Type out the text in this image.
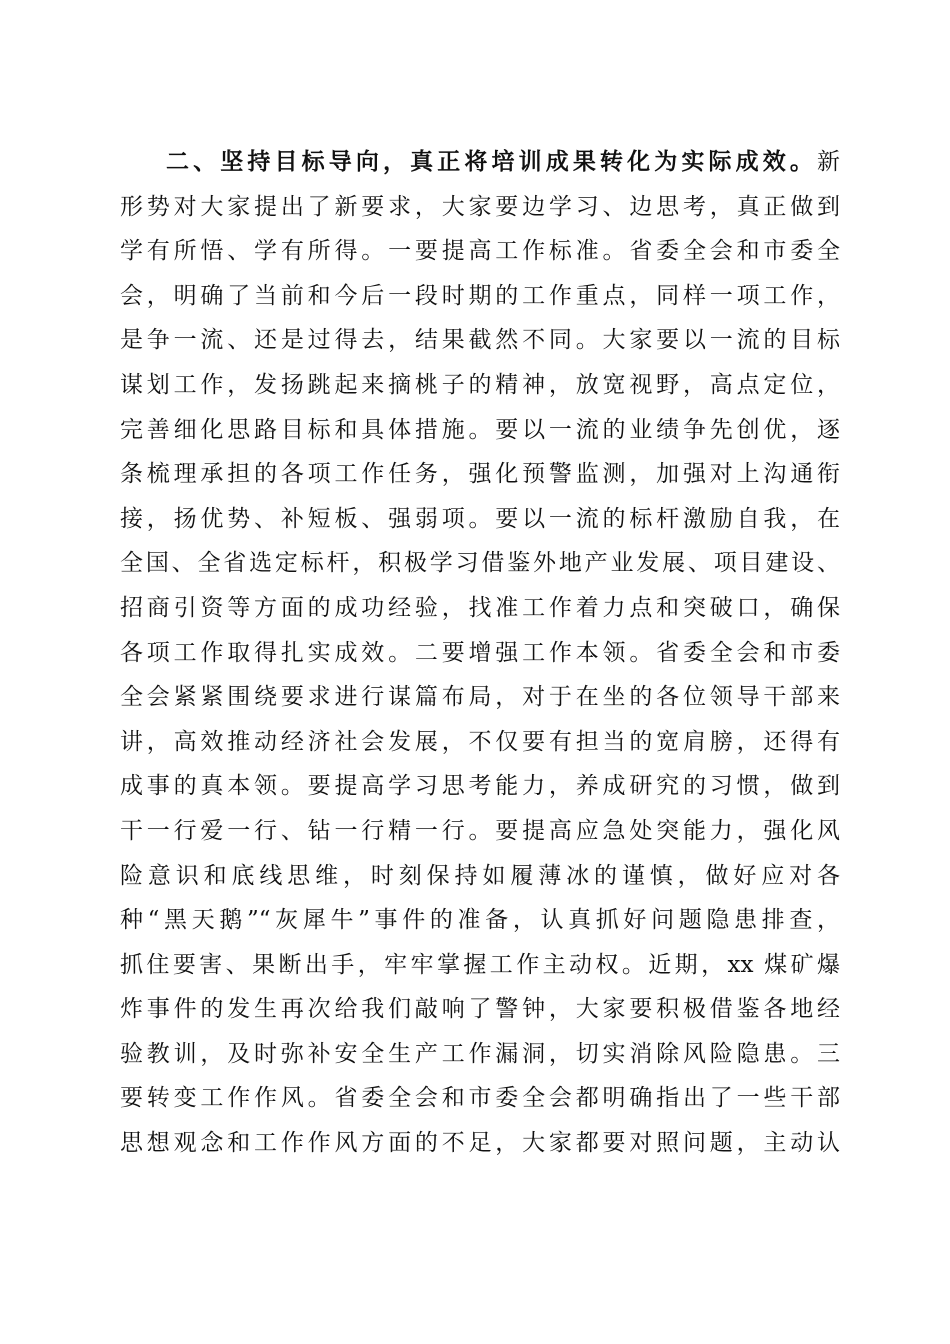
二、坚持目标导向，真正将培训成果转化为实际成效。新
形势对大家提出了新要求，大家要边学习、边思考，真正做到
学有所悟、学有所得。一要提高工作标准。省委全会和市委全
会，明确了当前和今后一段时期的工作重点，同样一项工作，
是争一流、还是过得去，结果截然不同。大家要以一流的目标
谋划工作，发扬跳起来摘桃子的精神，放宽视野，高点定位，
完善细化思路目标和具体措施。要以一流的业绩争先创优，逐
条梳理承担的各项工作任务，强化预警监测，加强对上沟通衔
接，扬优势、补短板、强弱项。要以一流的标杆激励自我，在
全国、全省选定标杆，积极学习借鉴外地产业发展、项目建设、
招商引资等方面的成功经验，找准工作着力点和突破口，确保
各项工作取得扎实成效。二要增强工作本领。省委全会和市委
全会紧紧围绕要求进行谋篇布局，对于在坐的各位领导干部来
讲，高效推动经济社会发展，不仅要有担当的宽肩膀，还得有
成事的真本领。要提高学习思考能力，养成研究的习惯，做到
干一行爱一行、钻一行精一行。要提高应急处突能力，强化风
险意识和底线思维，时刻保持如履薄冰的谨慎，做好应对各
种“黑天鹅”“灰犀牛”事件的准备，认真抓好问题隐患排查，
抓住要害、果断出手，牢牢掌握工作主动权。近期，xx 煤矿爆
炸事件的发生再次给我们敲响了警钟，大家要积极借鉴各地经
验教训，及时弥补安全生产工作漏洞，切实消除风险隐患。三
要转变工作作风。省委全会和市委全会都明确指出了一些干部
思想观念和工作作风方面的不足，大家都要对照问题，主动认
